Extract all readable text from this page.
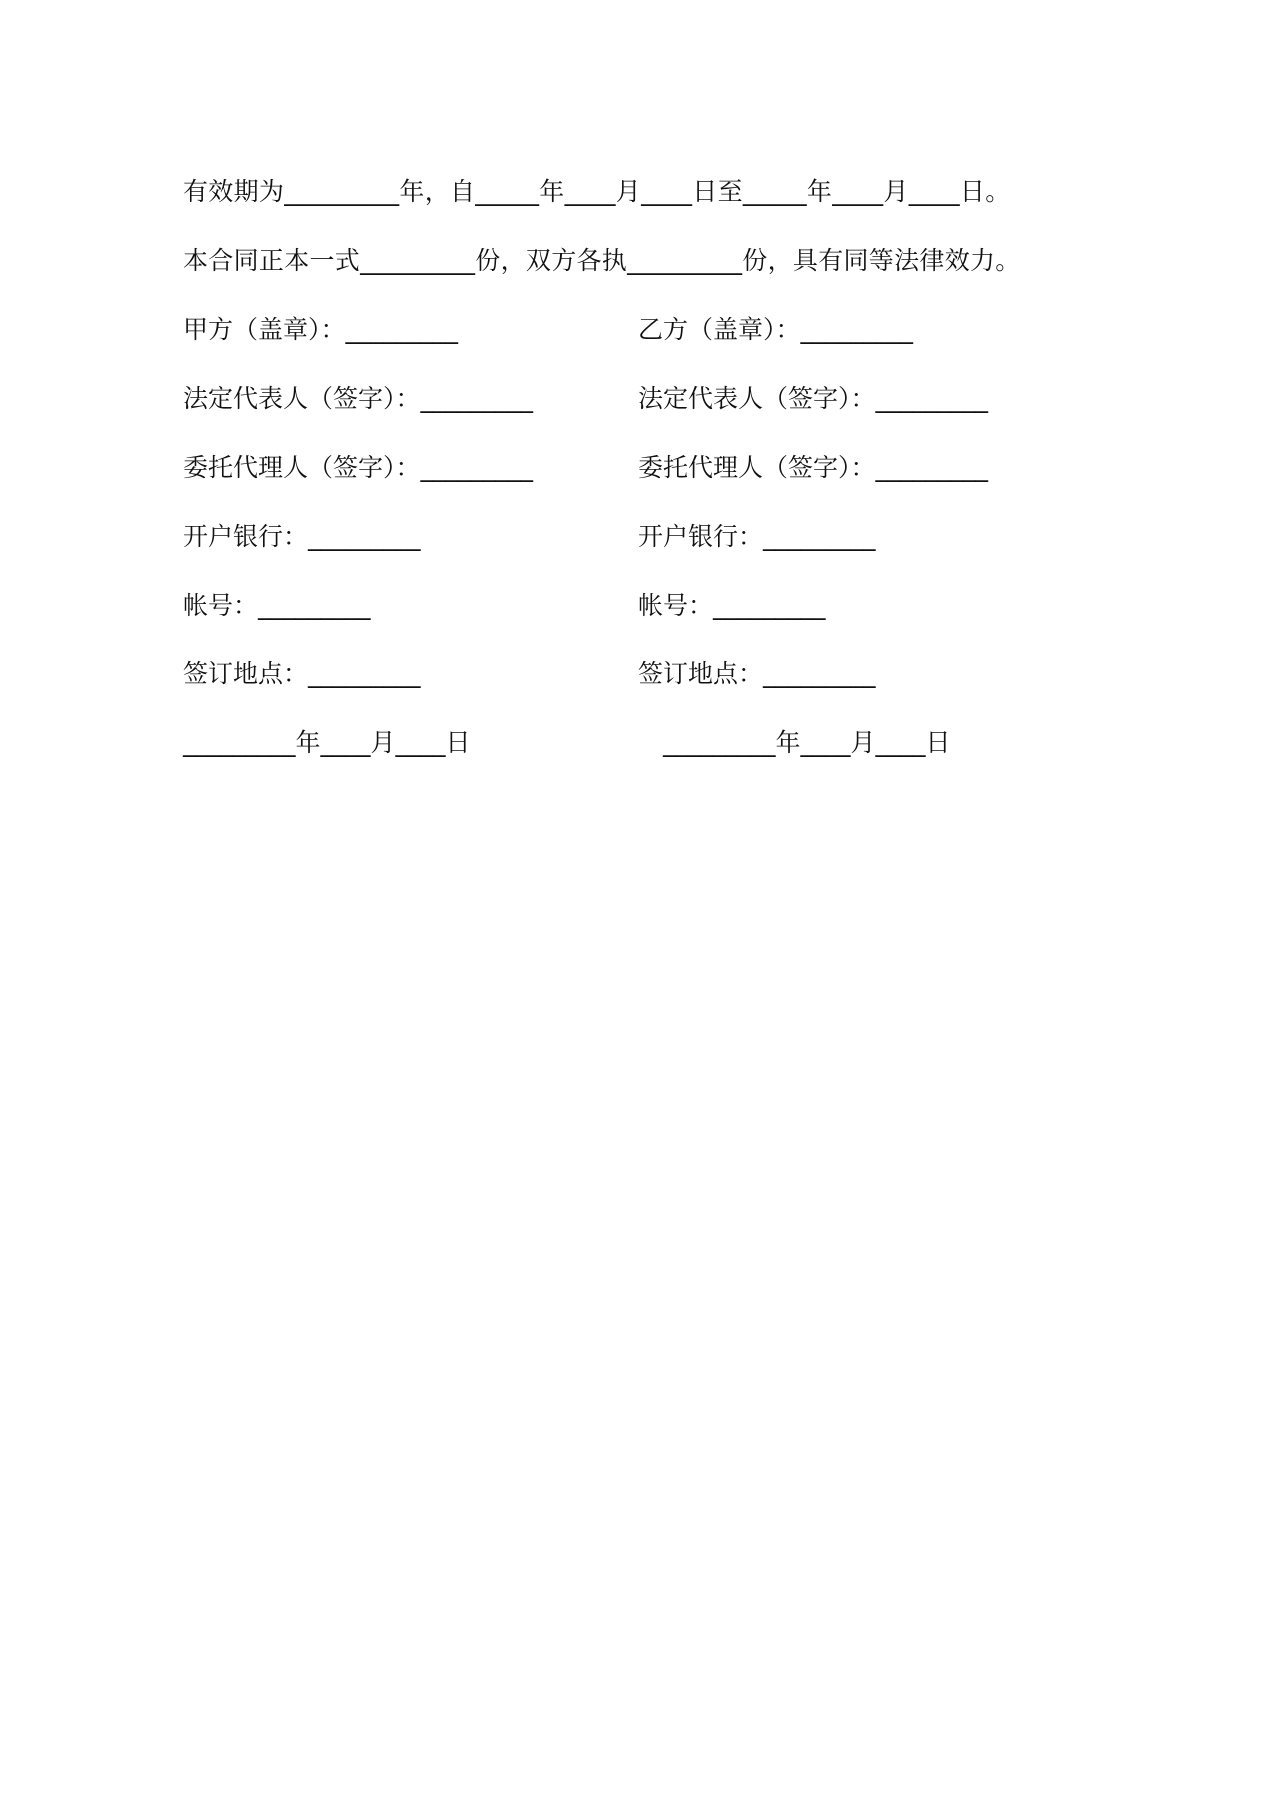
有效期为_________年，自_____年____月____日至_____年____月____日。
本合同正本一式_________份，双方各执_________份，具有同等法律效力。
甲方（盖章）：_________	乙方（盖章）：_________
法定代表人（签字）：_________	法定代表人（签字）：_________
委托代理人（签字）：_________	委托代理人（签字）：_________
开户银行：_________	开户银行：_________
帐号：_________	帐号：_________
签订地点：_________	签订地点：_________
_________年____月____日	_________年____月____日
